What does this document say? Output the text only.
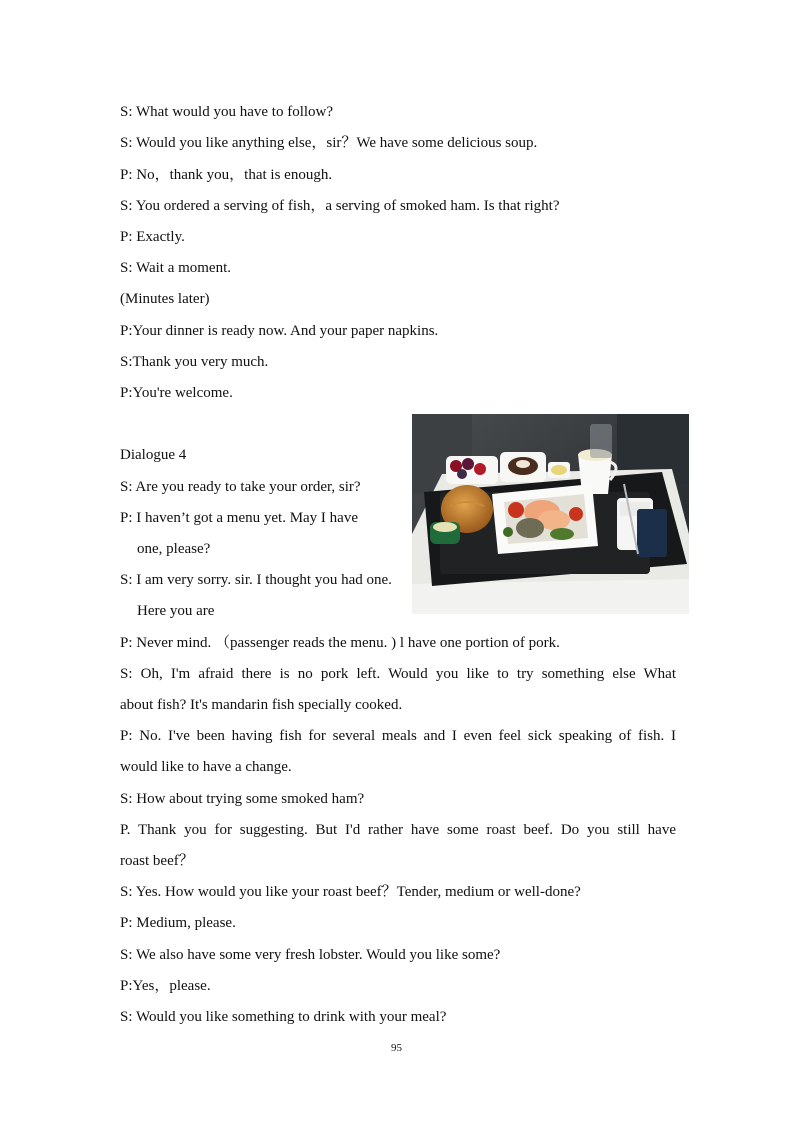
S: What would you have to follow?
S: Would you like anything else，sir？We have some delicious soup.
P: No，thank you，that is enough.
S: You ordered a serving of fish，a serving of smoked ham. Is that right?
P: Exactly.
S: Wait a moment.
(Minutes later)
P:Your dinner is ready now. And your paper napkins.
S:Thank you very much.
P:You're welcome.
Dialogue 4
S: Are you ready to take your order, sir?
P: I haven’t got a menu yet. May I have
one, please?
S: I am very sorry. sir. I thought you had one.
Here you are
P: Never mind. （passenger reads the menu. ) l have one portion of pork.
S: Oh, I'm afraid there is no pork left. Would you like to try something else What
about fish? It's mandarin fish specially cooked.
P: No. I've been having fish for several meals and I even feel sick speaking of fish. I
would like to have a change.
S: How about trying some smoked ham?
P. Thank you for suggesting. But I'd rather have some roast beef. Do you still have
roast beef？
S: Yes. How would you like your roast beef？Tender, medium or well-done?
P: Medium, please.
S: We also have some very fresh lobster. Would you like some?
P:Yes，please.
S: Would you like something to drink with your meal?
95
